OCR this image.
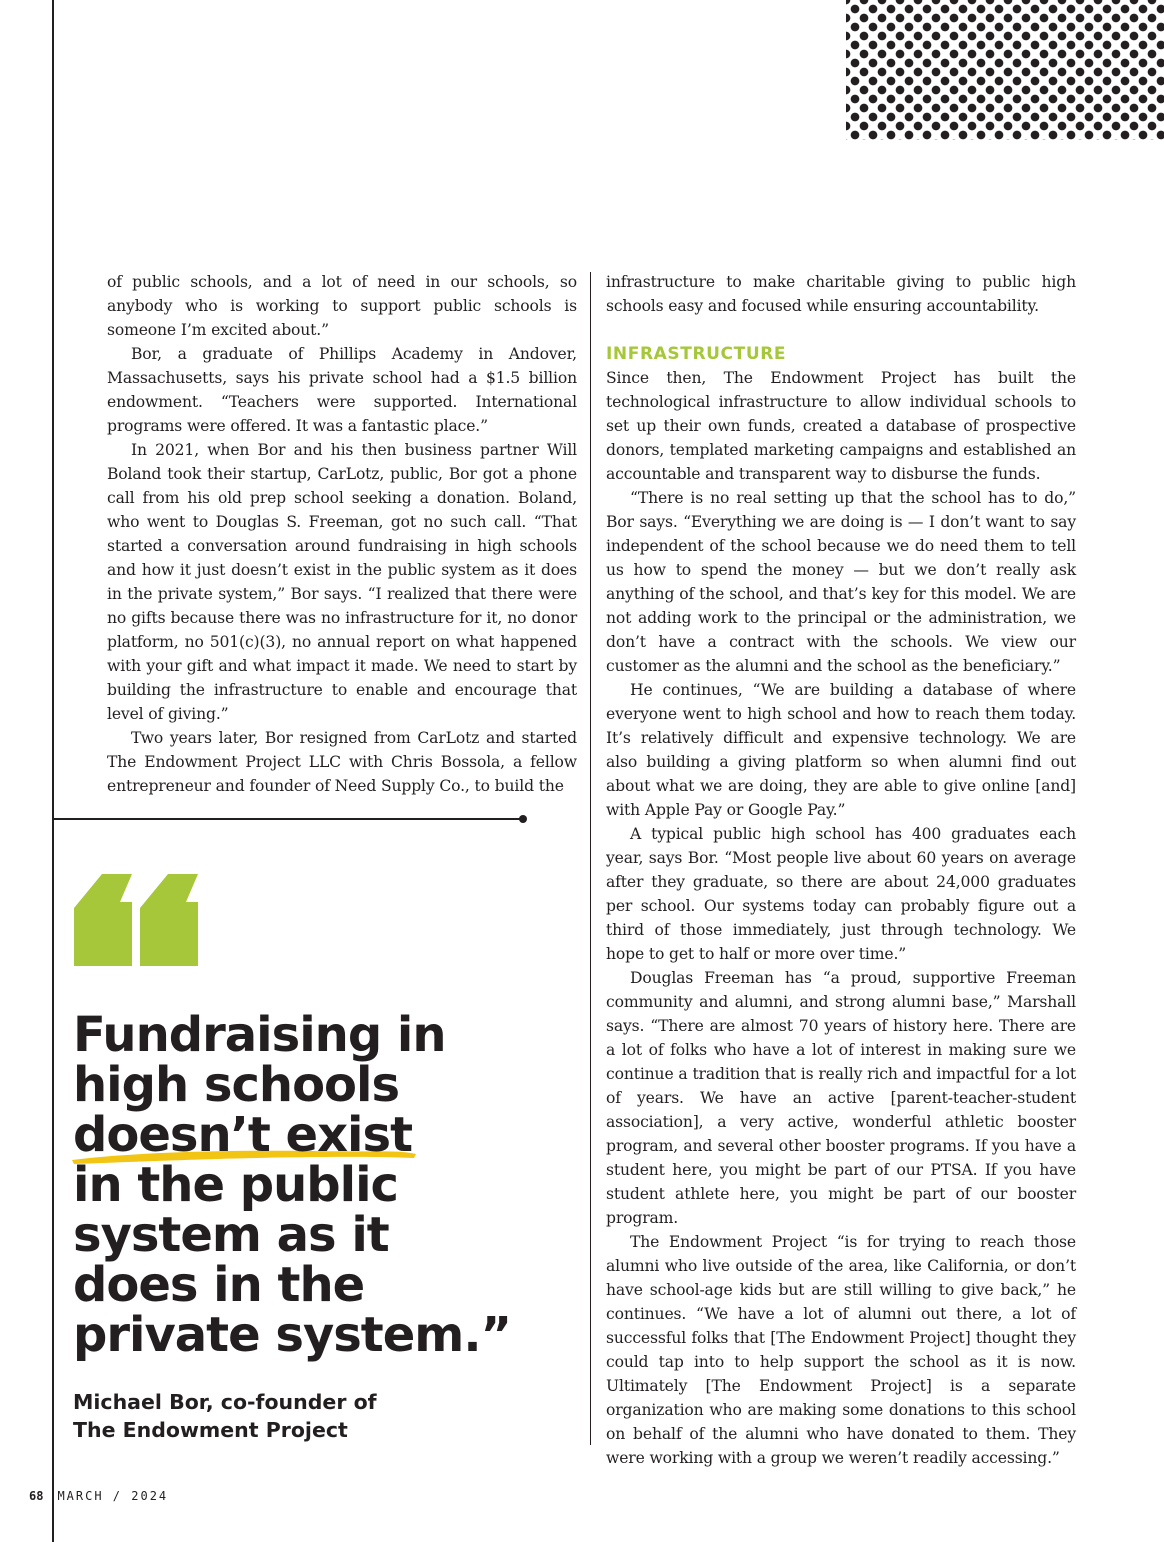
of public schools, and a lot of need in our schools, so anybody who is working to support public schools is someone I’m excited about.”

Bor, a graduate of Phillips Academy in Andover, Massachusetts, says his private school had a $1.5 billion endowment. “Teachers were supported. International programs were offered. It was a fantastic place.”

In 2021, when Bor and his then business partner Will Boland took their startup, CarLotz, public, Bor got a phone call from his old prep school seeking a donation. Boland, who went to Douglas S. Freeman, got no such call. “That started a conversation around fundraising in high schools and how it just doesn’t exist in the public system as it does in the private system,” Bor says. “I realized that there were no gifts because there was no infrastructure for it, no donor platform, no 501(c)(3), no annual report on what happened with your gift and what impact it made. We need to start by building the infrastructure to enable and encourage that level of giving.”

Two years later, Bor resigned from CarLotz and started The Endowment Project LLC with Chris Bossola, a fellow entrepreneur and founder of Need Supply Co., to build the

infrastructure to make charitable giving to public high schools easy and focused while ensuring accountability.

INFRASTRUCTURE

Since then, The Endowment Project has built the technological infrastructure to allow individual schools to set up their own funds, created a database of prospective donors, templated marketing campaigns and established an accountable and transparent way to disburse the funds.

“There is no real setting up that the school has to do,” Bor says. “Everything we are doing is — I don’t want to say independent of the school because we do need them to tell us how to spend the money — but we don’t really ask anything of the school, and that’s key for this model. We are not adding work to the principal or the administration, we don’t have a contract with the schools. We view our customer as the alumni and the school as the beneficiary.”

He continues, “We are building a database of where everyone went to high school and how to reach them today. It’s relatively difficult and expensive technology. We are also building a giving platform so when alumni find out about what we are doing, they are able to give online [and] with Apple Pay or Google Pay.”

A typical public high school has 400 graduates each year, says Bor. “Most people live about 60 years on average after they graduate, so there are about 24,000 graduates per school. Our systems today can probably figure out a third of those immediately, just through technology. We hope to get to half or more over time.”

Douglas Freeman has “a proud, supportive Freeman community and alumni, and strong alumni base,” Marshall says. “There are almost 70 years of history here. There are a lot of folks who have a lot of interest in making sure we continue a tradition that is really rich and impactful for a lot of years. We have an active [parent-teacher-student association], a very active, wonderful athletic booster program, and several other booster programs. If you have a student here, you might be part of our PTSA. If you have student athlete here, you might be part of our booster program.

The Endowment Project “is for trying to reach those alumni who live outside of the area, like California, or don’t have school-age kids but are still willing to give back,” he continues. “We have a lot of alumni out there, a lot of successful folks that [The Endowment Project] thought they could tap into to help support the school as it is now. Ultimately [The Endowment Project] is a separate organization who are making some donations to this school on behalf of the alumni who have donated to them. They were working with a group we weren’t readily accessing.”

Fundraising in
high schools
doesn’t exist
in the public
system as it
does in the
private system.”
Michael Bor, co-founder of
The Endowment Project
68 MARCH / 2024
